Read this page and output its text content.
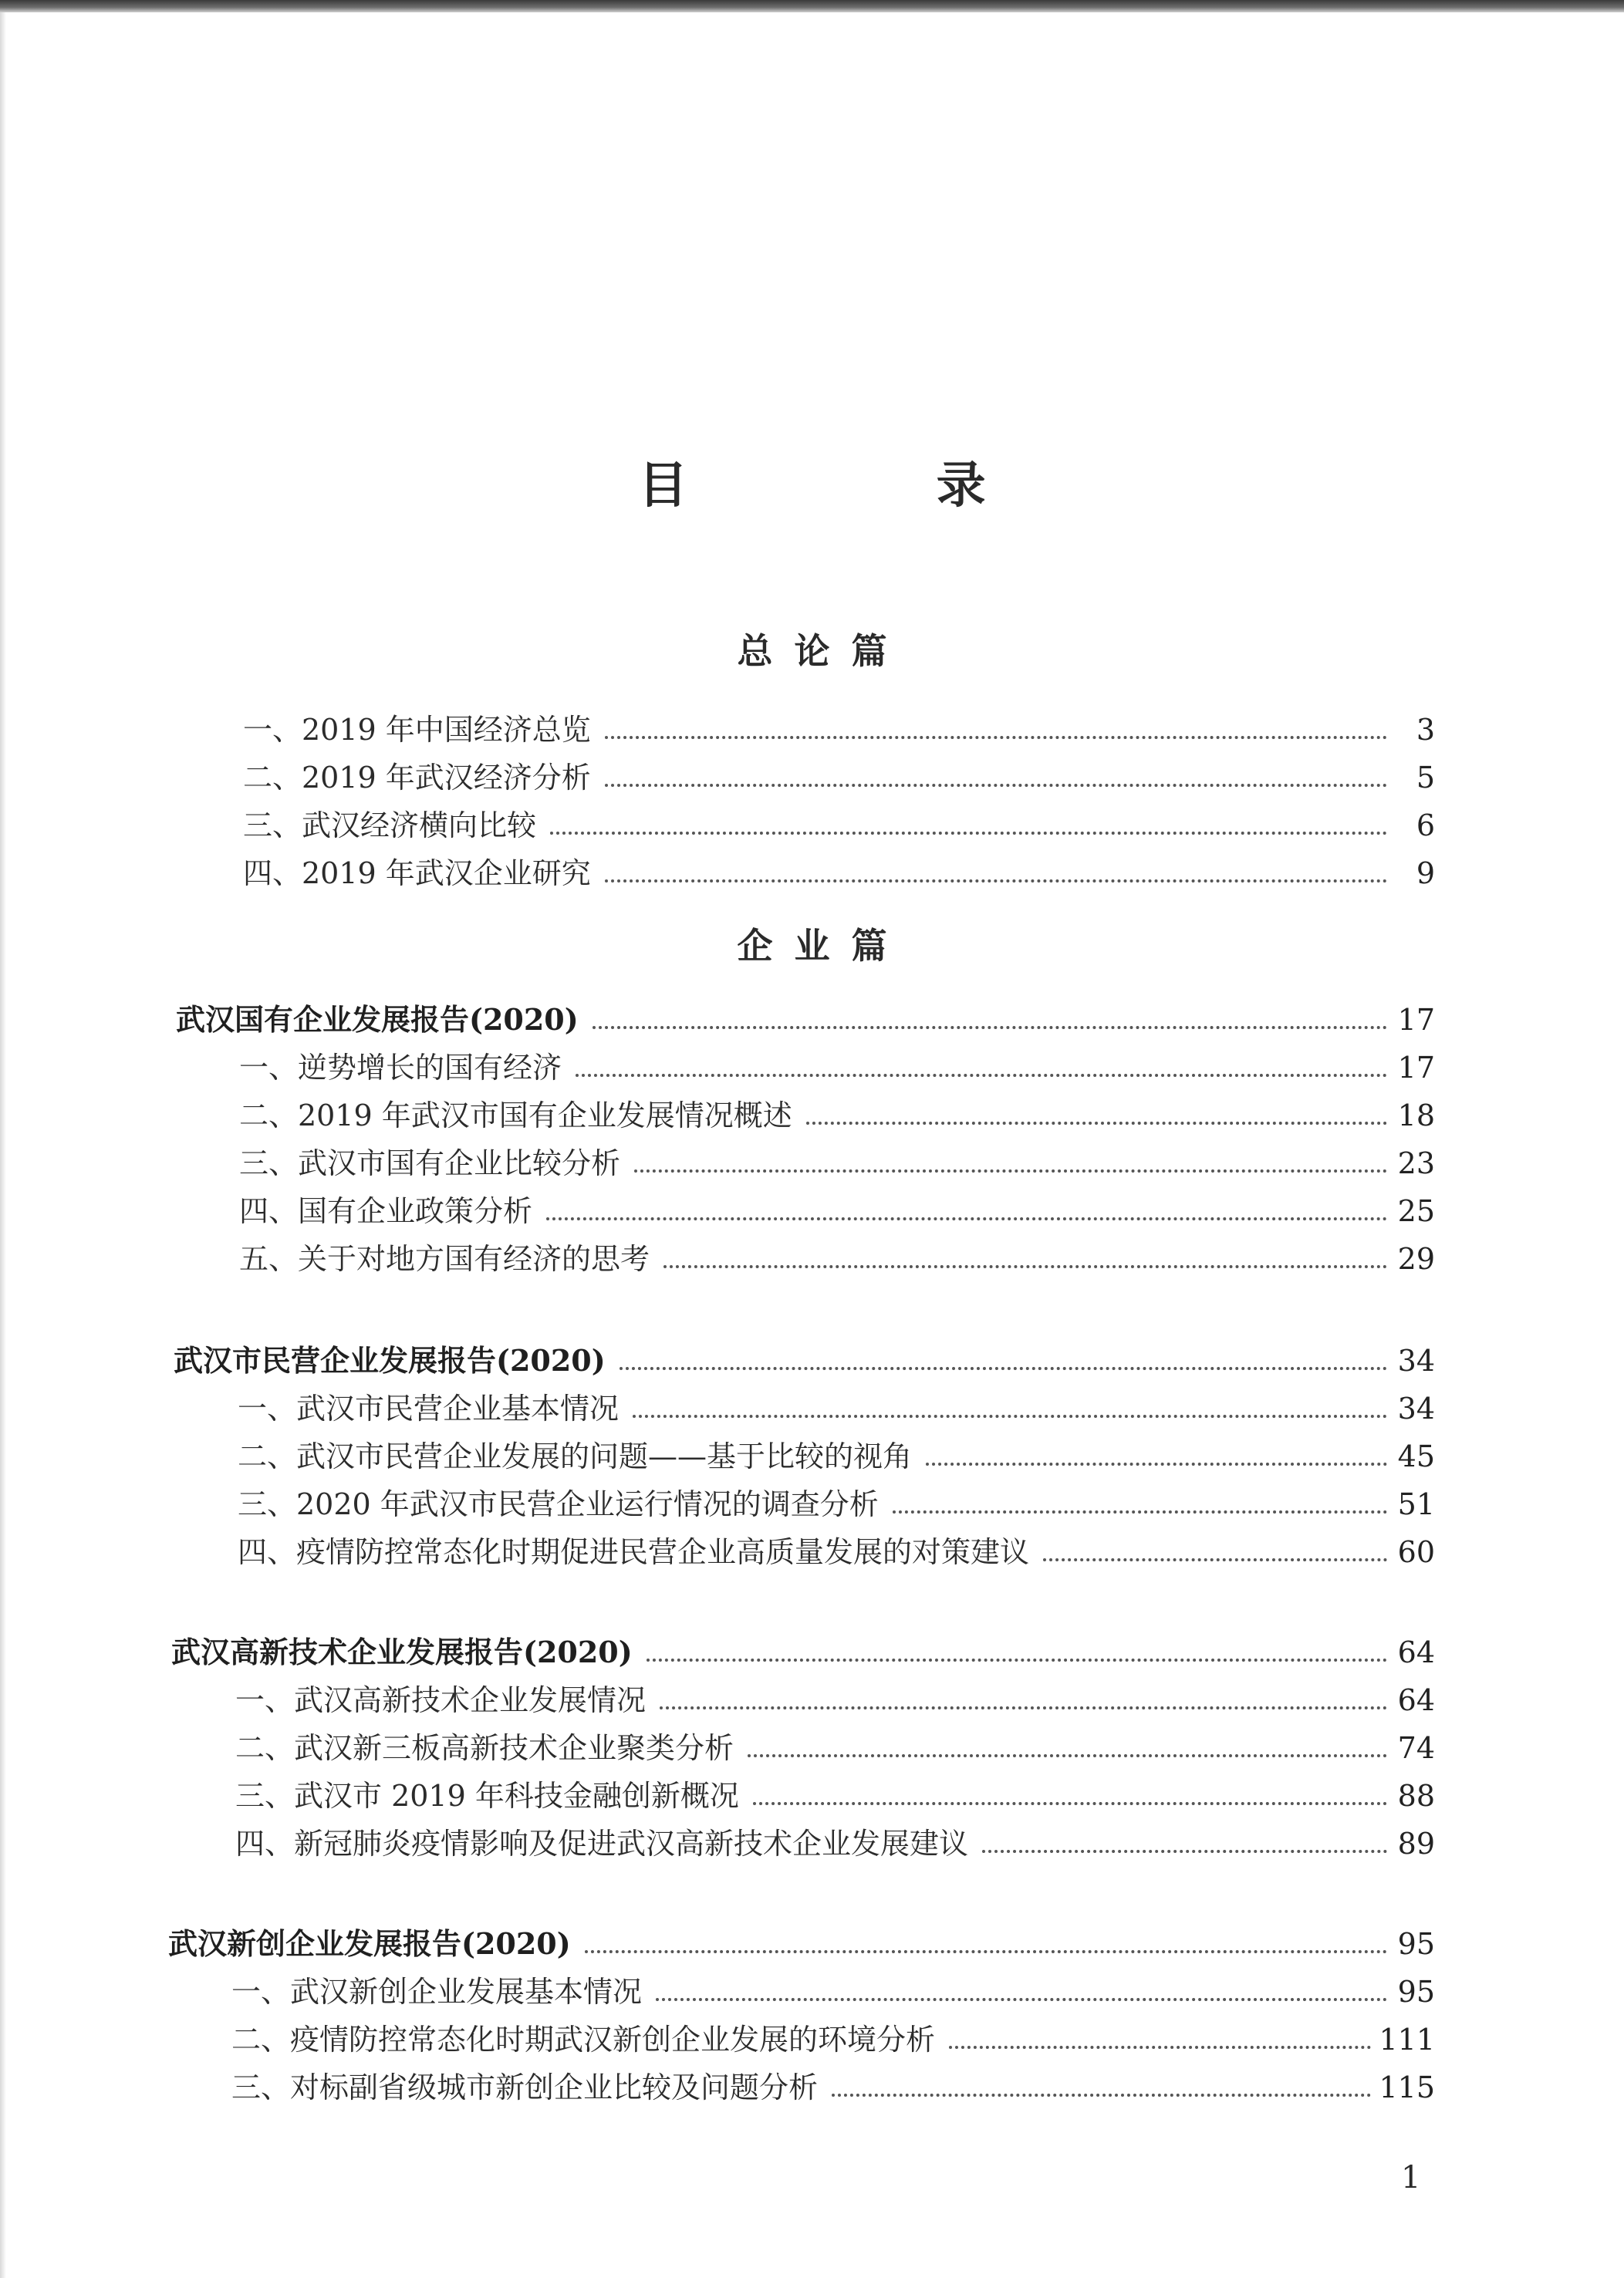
目 录
总论篇
一、2019 年中国经济总览	3
二、2019 年武汉经济分析	5
三、武汉经济横向比较	6
四、2019 年武汉企业研究	9
企业篇
武汉国有企业发展报告(2020)	17
一、逆势增长的国有经济	17
二、2019 年武汉市国有企业发展情况概述	18
三、武汉市国有企业比较分析	23
四、国有企业政策分析	25
五、关于对地方国有经济的思考	29
武汉市民营企业发展报告(2020)	34
一、武汉市民营企业基本情况	34
二、武汉市民营企业发展的问题——基于比较的视角	45
三、2020 年武汉市民营企业运行情况的调查分析	51
四、疫情防控常态化时期促进民营企业高质量发展的对策建议	60
武汉高新技术企业发展报告(2020)	64
一、武汉高新技术企业发展情况	64
二、武汉新三板高新技术企业聚类分析	74
三、武汉市 2019 年科技金融创新概况	88
四、新冠肺炎疫情影响及促进武汉高新技术企业发展建议	89
武汉新创企业发展报告(2020)	95
一、武汉新创企业发展基本情况	95
二、疫情防控常态化时期武汉新创企业发展的环境分析	111
三、对标副省级城市新创企业比较及问题分析	115
1
